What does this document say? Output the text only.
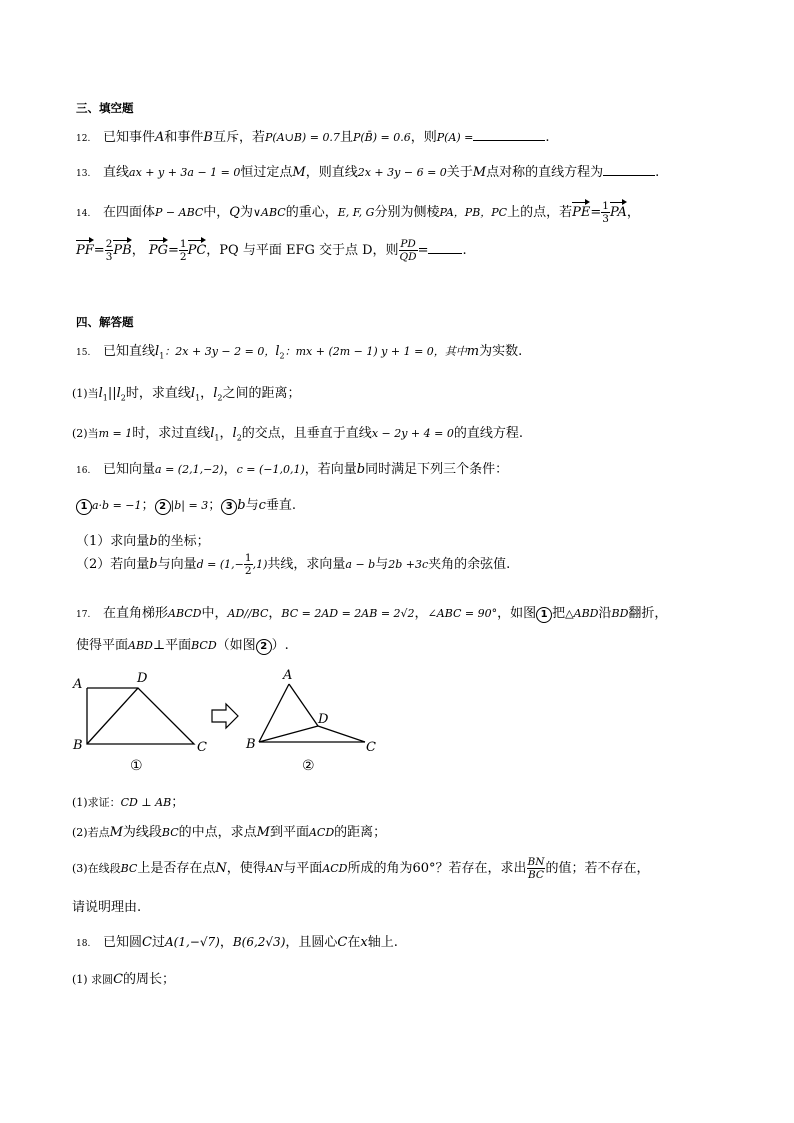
三、填空题
12. 已知事件A和事件B互斥，若P(A∪B) = 0.7且P(B̄) = 0.6，则P(A) =	.
13. 直线ax + y + 3a − 1 = 0恒过定点M，则直线2x + 3y − 6 = 0关于M点对称的直线方程为	.
14. 在四面体P − ABC中，Q为∨ABC的重心，E, F, G分别为侧棱PA，PB，PC上的点，若$PE= \frac{1}{3}$ PA，
$PF= \frac{2}{3}$ PB， $PG= \frac{1}{2}$ PC，PQ 与平面 EFG 交于点 D，则 $\frac{PD}{QD}$ =	.
四、解答题
15. 已知直线$l_1$：2x + 3y − 2 = 0，$l_2$：mx + (2m − 1) y + 1 = 0，其中m为实数.
(1)当$l_1||l_2$时，求直线$l_1$，$l_2$之间的距离；
(2)当m = 1时，求过直线$l_1$，$l_2$的交点，且垂直于直线x − 2y + 4 = 0的直线方程.
16. 已知向量a = (2,1,−2)，c = (−1,0,1)，若向量b同时满足下列三个条件：
1 a·b = −1； 2 |b| = 3； 3 b与c垂直.
（1）求向量b的坐标；
（2）若向量b与向量$d = (1,- \frac{1}{2} ,1)$共线，求向量a − b与2b +3c夹角的余弦值.
17. 在直角梯形ABCD中，AD//BC，BC = 2AD = 2AB = 2√2，∠ABC = 90°，如图 1 把△ABD沿BD翻折，
使得平面ABD⊥平面BCD（如图 2 ）.
A	D
B	C
①
A
D
B	C
②
(1)求证：CD ⊥ AB；
(2)若点M为线段BC的中点，求点M到平面ACD的距离；
(3)在线段BC上是否存在点N，使得AN与平面ACD所成的角为60°？若存在，求出 $\frac{BN}{BC}$ 的值；若不存在，
请说明理由.
18. 已知圆C过A(1,−√7)，B(6,2√3)，且圆心C在x轴上.
(1) 求圆C的周长；
